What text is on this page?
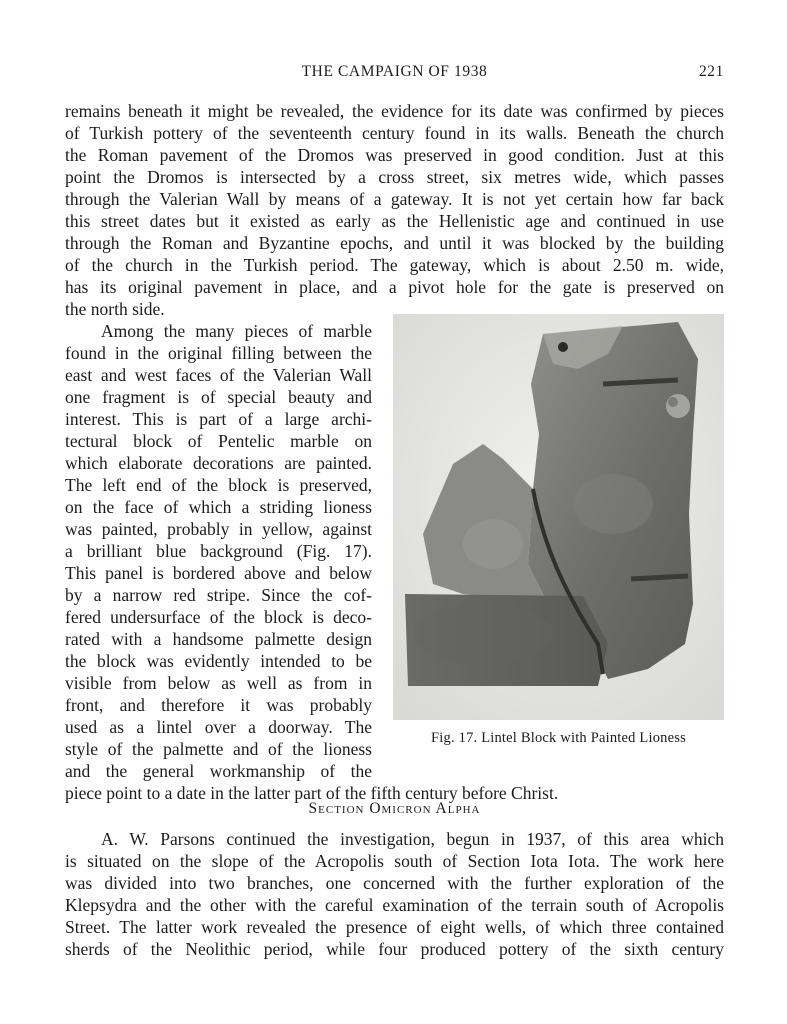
THE CAMPAIGN OF 1938	221
remains beneath it might be revealed, the evidence for its date was confirmed by pieces
of Turkish pottery of the seventeenth century found in its walls. Beneath the church
the Roman pavement of the Dromos was preserved in good condition. Just at this
point the Dromos is intersected by a cross street, six metres wide, which passes
through the Valerian Wall by means of a gateway. It is not yet certain how far back
this street dates but it existed as early as the Hellenistic age and continued in use
through the Roman and Byzantine epochs, and until it was blocked by the building
of the church in the Turkish period. The gateway, which is about 2.50 m. wide,
has its original pavement in place, and a pivot hole for the gate is preserved on
the north side.
Among the many pieces of marble
found in the original filling between the
east and west faces of the Valerian Wall
one fragment is of special beauty and
interest. This is part of a large archi-
tectural block of Pentelic marble on
which elaborate decorations are painted.
The left end of the block is preserved,
on the face of which a striding lioness
was painted, probably in yellow, against
a brilliant blue background (Fig. 17).
This panel is bordered above and below
by a narrow red stripe. Since the cof-
fered undersurface of the block is deco-
rated with a handsome palmette design
the block was evidently intended to be
visible from below as well as from in
front, and therefore it was probably
used as a lintel over a doorway. The
style of the palmette and of the lioness
and the general workmanship of the
piece point to a date in the latter part of the fifth century before Christ.
Fig. 17. Lintel Block with Painted Lioness
Section Omicron Alpha
A. W. Parsons continued the investigation, begun in 1937, of this area which
is situated on the slope of the Acropolis south of Section Iota Iota. The work here
was divided into two branches, one concerned with the further exploration of the
Klepsydra and the other with the careful examination of the terrain south of Acropolis
Street. The latter work revealed the presence of eight wells, of which three contained
sherds of the Neolithic period, while four produced pottery of the sixth century
